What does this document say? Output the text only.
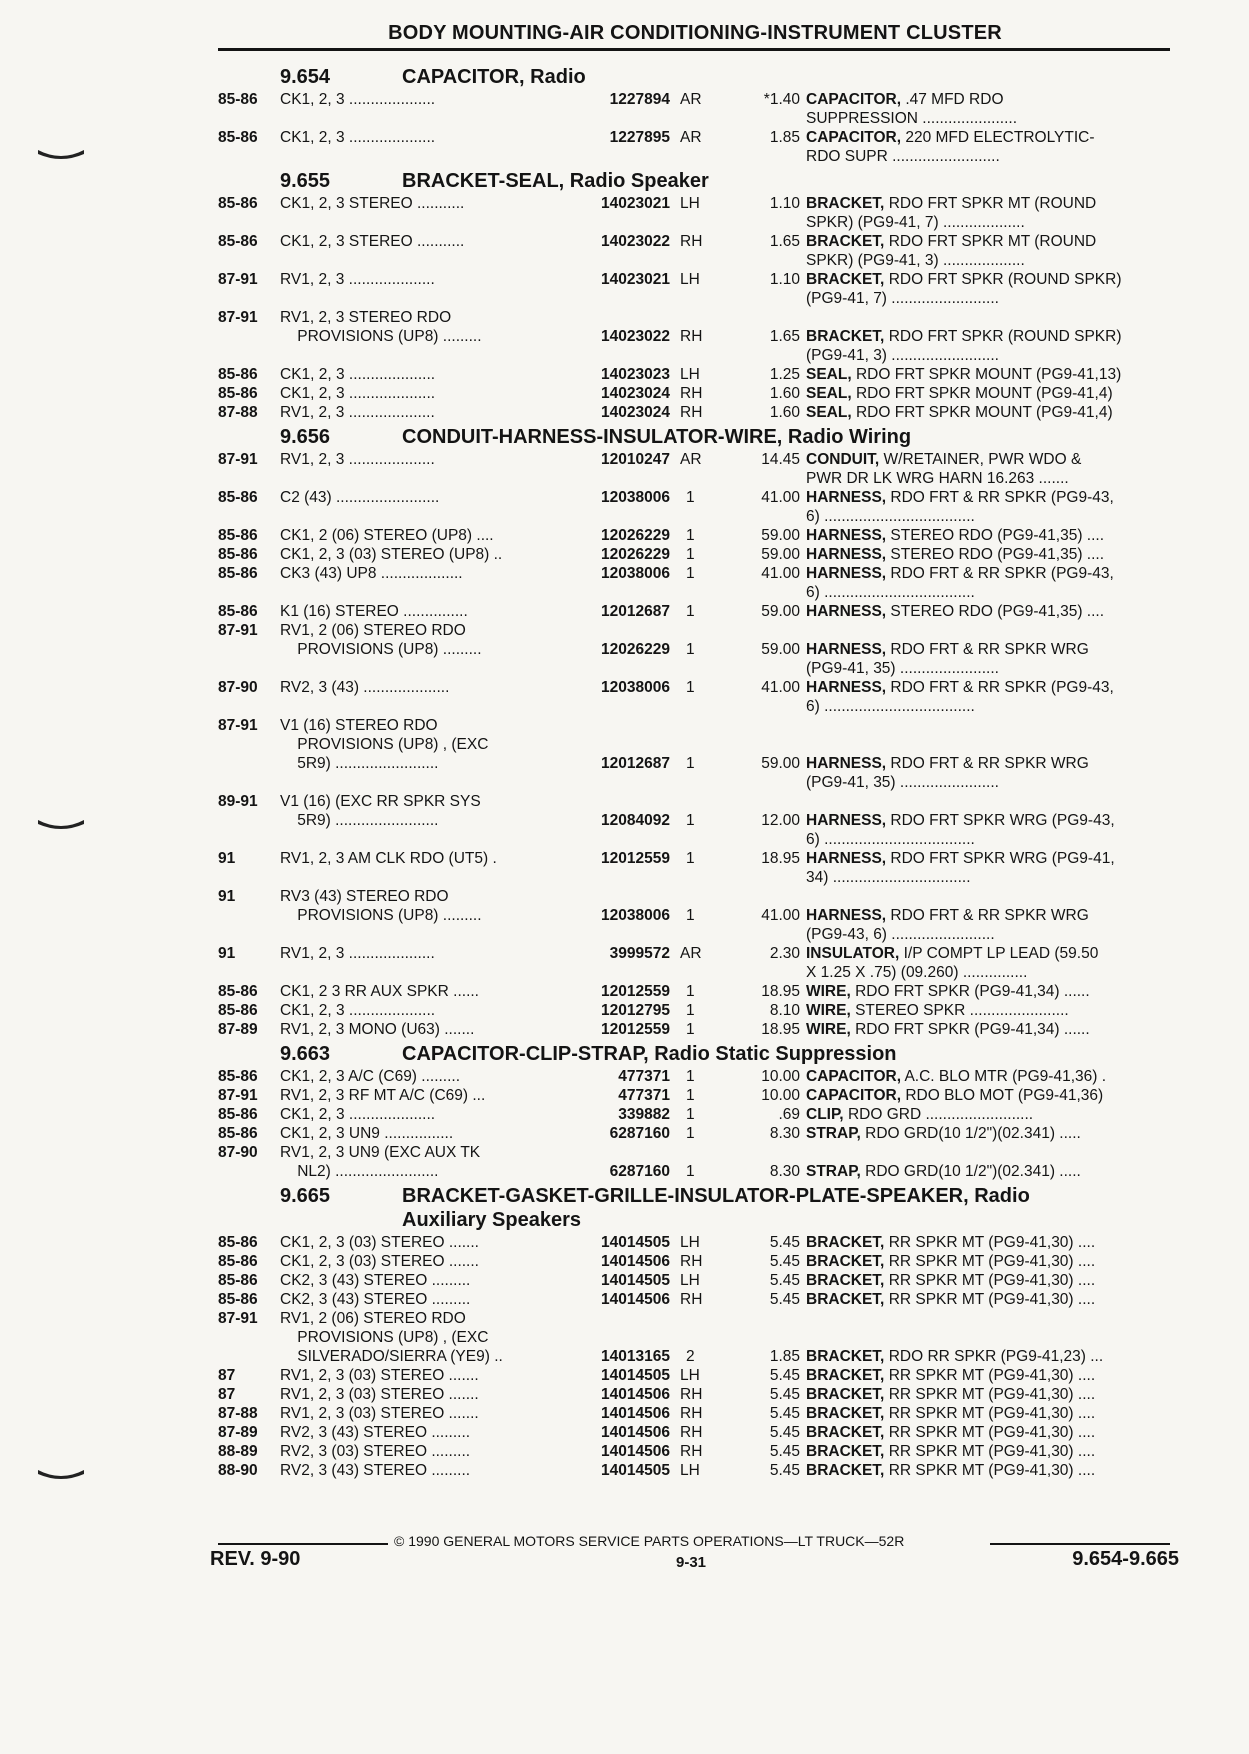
BODY MOUNTING-AIR CONDITIONING-INSTRUMENT CLUSTER
9.654	CAPACITOR, Radio
85-86 CK1, 2, 3 ....................	1227894 AR	*1.40 CAPACITOR, .47 MFD RDO
SUPPRESSION ......................
85-86 CK1, 2, 3 ....................	1227895 AR	1.85 CAPACITOR, 220 MFD ELECTROLYTIC-
RDO SUPR .........................
9.655	BRACKET-SEAL, Radio Speaker
85-86 CK1, 2, 3 STEREO ...........	14023021 LH	1.10 BRACKET, RDO FRT SPKR MT (ROUND
SPKR) (PG9-41, 7) ...................
85-86 CK1, 2, 3 STEREO ...........	14023022 RH	1.65 BRACKET, RDO FRT SPKR MT (ROUND
SPKR) (PG9-41, 3) ...................
87-91 RV1, 2, 3 ....................	14023021 LH	1.10 BRACKET, RDO FRT SPKR (ROUND SPKR)
(PG9-41, 7) .........................
87-91 RV1, 2, 3 STEREO RDO
PROVISIONS (UP8) .........	14023022 RH	1.65 BRACKET, RDO FRT SPKR (ROUND SPKR)
(PG9-41, 3) .........................
85-86 CK1, 2, 3 ....................	14023023 LH	1.25 SEAL, RDO FRT SPKR MOUNT (PG9-41,13)
85-86 CK1, 2, 3 ....................	14023024 RH	1.60 SEAL, RDO FRT SPKR MOUNT (PG9-41,4)
87-88 RV1, 2, 3 ....................	14023024 RH	1.60 SEAL, RDO FRT SPKR MOUNT (PG9-41,4)
9.656	CONDUIT-HARNESS-INSULATOR-WIRE, Radio Wiring
87-91 RV1, 2, 3 ....................	12010247 AR	14.45 CONDUIT, W/RETAINER, PWR WDO &
PWR DR LK WRG HARN 16.263 .......
85-86 C2 (43) ........................	12038006 1	41.00 HARNESS, RDO FRT & RR SPKR (PG9-43,
6) ...................................
85-86 CK1, 2 (06) STEREO (UP8) ....	12026229 1	59.00 HARNESS, STEREO RDO (PG9-41,35) ....
85-86 CK1, 2, 3 (03) STEREO (UP8) ..	12026229 1	59.00 HARNESS, STEREO RDO (PG9-41,35) ....
85-86 CK3 (43) UP8 ...................	12038006 1	41.00 HARNESS, RDO FRT & RR SPKR (PG9-43,
6) ...................................
85-86 K1 (16) STEREO ...............	12012687 1	59.00 HARNESS, STEREO RDO (PG9-41,35) ....
87-91 RV1, 2 (06) STEREO RDO
PROVISIONS (UP8) .........	12026229 1	59.00 HARNESS, RDO FRT & RR SPKR WRG
(PG9-41, 35) .......................
87-90 RV2, 3 (43) ....................	12038006 1	41.00 HARNESS, RDO FRT & RR SPKR (PG9-43,
6) ...................................
87-91 V1 (16) STEREO RDO
PROVISIONS (UP8) , (EXC
5R9) ........................	12012687 1	59.00 HARNESS, RDO FRT & RR SPKR WRG
(PG9-41, 35) .......................
89-91 V1 (16) (EXC RR SPKR SYS
5R9) ........................	12084092 1	12.00 HARNESS, RDO FRT SPKR WRG (PG9-43,
6) ...................................
91	RV1, 2, 3 AM CLK RDO (UT5) .	12012559 1	18.95 HARNESS, RDO FRT SPKR WRG (PG9-41,
34) ................................
91	RV3 (43) STEREO RDO
PROVISIONS (UP8) .........	12038006 1	41.00 HARNESS, RDO FRT & RR SPKR WRG
(PG9-43, 6) ........................
91	RV1, 2, 3 ....................	3999572 AR	2.30 INSULATOR, I/P COMPT LP LEAD (59.50
X 1.25 X .75) (09.260) ...............
85-86 CK1, 2 3 RR AUX SPKR ......	12012559 1	18.95 WIRE, RDO FRT SPKR (PG9-41,34) ......
85-86 CK1, 2, 3 ....................	12012795 1	8.10 WIRE, STEREO SPKR .......................
87-89 RV1, 2, 3 MONO (U63) .......	12012559 1	18.95 WIRE, RDO FRT SPKR (PG9-41,34) ......
9.663	CAPACITOR-CLIP-STRAP, Radio Static Suppression
85-86 CK1, 2, 3 A/C (C69) .........	477371 1	10.00 CAPACITOR, A.C. BLO MTR (PG9-41,36) .
87-91 RV1, 2, 3 RF MT A/C (C69) ...	477371 1	10.00 CAPACITOR, RDO BLO MOT (PG9-41,36)
85-86 CK1, 2, 3 ....................	339882 1	.69 CLIP, RDO GRD .........................
85-86 CK1, 2, 3 UN9 ................	6287160 1	8.30 STRAP, RDO GRD(10 1/2")(02.341) .....
87-90 RV1, 2, 3 UN9 (EXC AUX TK
NL2) ........................	6287160 1	8.30 STRAP, RDO GRD(10 1/2")(02.341) .....
9.665	BRACKET-GASKET-GRILLE-INSULATOR-PLATE-SPEAKER, Radio
Auxiliary Speakers
85-86 CK1, 2, 3 (03) STEREO .......	14014505 LH	5.45 BRACKET, RR SPKR MT (PG9-41,30) ....
85-86 CK1, 2, 3 (03) STEREO .......	14014506 RH	5.45 BRACKET, RR SPKR MT (PG9-41,30) ....
85-86 CK2, 3 (43) STEREO .........	14014505 LH	5.45 BRACKET, RR SPKR MT (PG9-41,30) ....
85-86 CK2, 3 (43) STEREO .........	14014506 RH	5.45 BRACKET, RR SPKR MT (PG9-41,30) ....
87-91 RV1, 2 (06) STEREO RDO
PROVISIONS (UP8) , (EXC
SILVERADO/SIERRA (YE9) ..	14013165 2	1.85 BRACKET, RDO RR SPKR (PG9-41,23) ...
87	RV1, 2, 3 (03) STEREO .......	14014505 LH	5.45 BRACKET, RR SPKR MT (PG9-41,30) ....
87	RV1, 2, 3 (03) STEREO .......	14014506 RH	5.45 BRACKET, RR SPKR MT (PG9-41,30) ....
87-88 RV1, 2, 3 (03) STEREO .......	14014506 RH	5.45 BRACKET, RR SPKR MT (PG9-41,30) ....
87-89 RV2, 3 (43) STEREO .........	14014506 RH	5.45 BRACKET, RR SPKR MT (PG9-41,30) ....
88-89 RV2, 3 (03) STEREO .........	14014506 RH	5.45 BRACKET, RR SPKR MT (PG9-41,30) ....
88-90 RV2, 3 (43) STEREO .........	14014505 LH	5.45 BRACKET, RR SPKR MT (PG9-41,30) ....
© 1990 GENERAL MOTORS SERVICE PARTS OPERATIONS—LT TRUCK—52R
REV. 9-90	9-31	9.654-9.665
